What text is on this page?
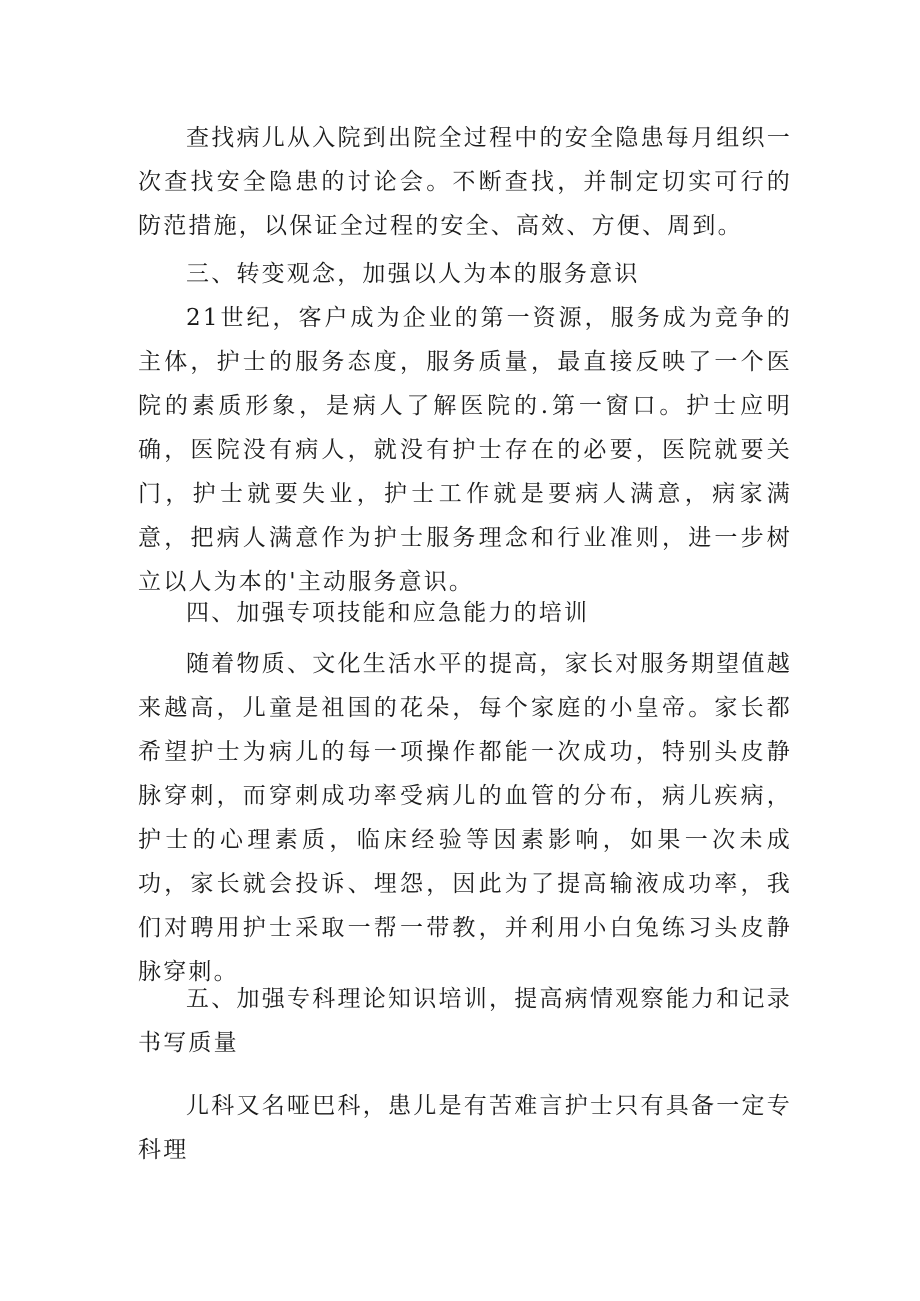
查找病儿从入院到出院全过程中的安全隐患每月组织一次查找安全隐患的讨论会。不断查找，并制定切实可行的防范措施，以保证全过程的安全、高效、方便、周到。
三、转变观念，加强以人为本的服务意识
21世纪，客户成为企业的第一资源，服务成为竞争的主体，护士的服务态度，服务质量，最直接反映了一个医院的素质形象，是病人了解医院的.第一窗口。护士应明确，医院没有病人，就没有护士存在的必要，医院就要关门，护士就要失业，护士工作就是要病人满意，病家满意，把病人满意作为护士服务理念和行业准则，进一步树立以人为本的'主动服务意识。
四、加强专项技能和应急能力的培训
随着物质、文化生活水平的提高，家长对服务期望值越来越高，儿童是祖国的花朵，每个家庭的小皇帝。家长都希望护士为病儿的每一项操作都能一次成功，特别头皮静脉穿刺，而穿刺成功率受病儿的血管的分布，病儿疾病，护士的心理素质，临床经验等因素影响，如果一次未成功，家长就会投诉、埋怨，因此为了提高输液成功率，我们对聘用护士采取一帮一带教，并利用小白兔练习头皮静脉穿刺。
五、加强专科理论知识培训，提高病情观察能力和记录书写质量
儿科又名哑巴科，患儿是有苦难言护士只有具备一定专科理
